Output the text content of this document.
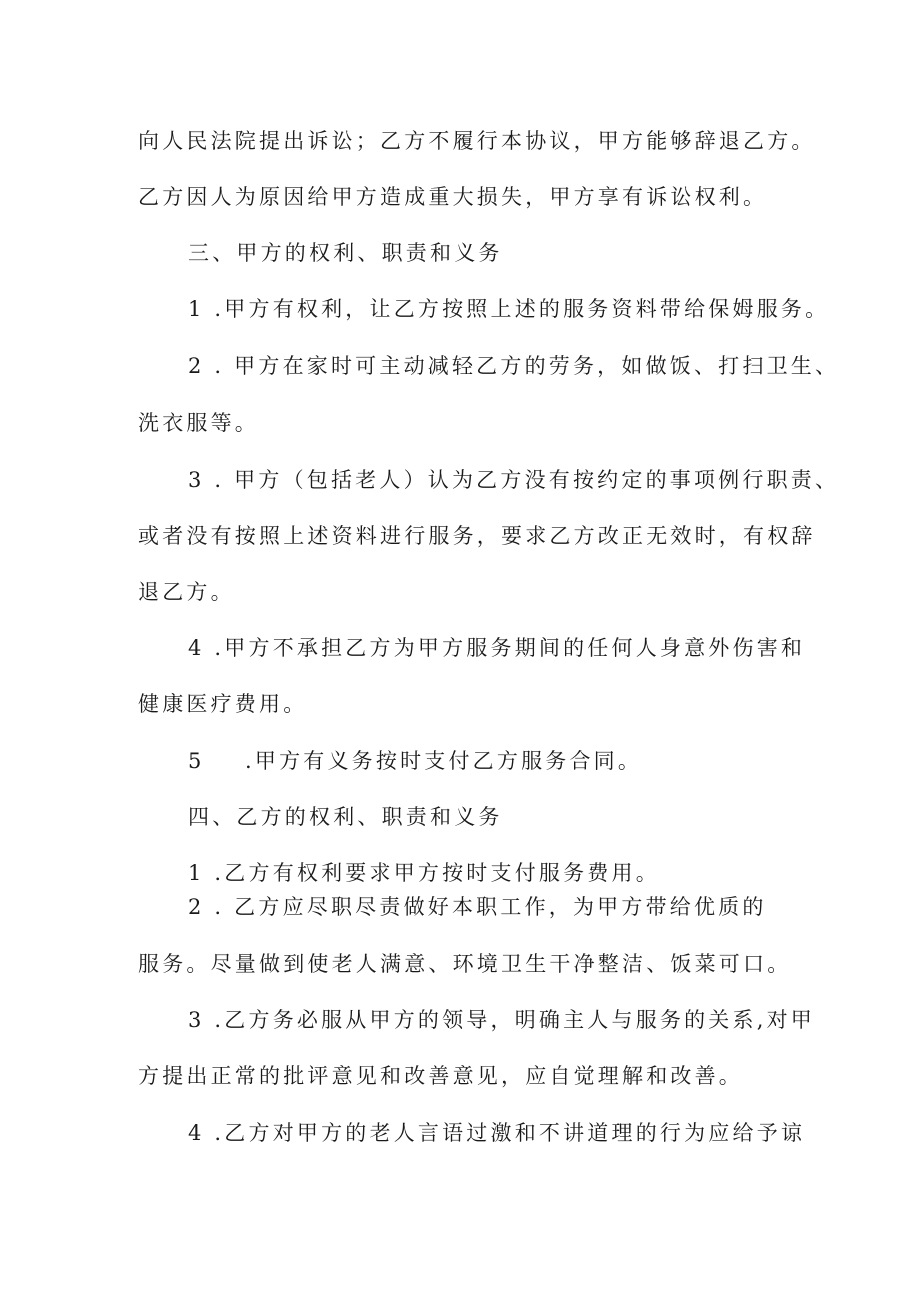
向人民法院提出诉讼；乙方不履行本协议，甲方能够辞退乙方。
乙方因人为原因给甲方造成重大损失，甲方享有诉讼权利。
三、甲方的权利、职责和义务
1 .甲方有权利，让乙方按照上述的服务资料带给保姆服务。
2 . 甲方在家时可主动减轻乙方的劳务，如做饭、打扫卫生、
洗衣服等。
3 . 甲方（包括老人）认为乙方没有按约定的事项例行职责、
或者没有按照上述资料进行服务，要求乙方改正无效时，有权辞
退乙方。
4 .甲方不承担乙方为甲方服务期间的任何人身意外伤害和
健康医疗费用。
5 .甲方有义务按时支付乙方服务合同。
四、乙方的权利、职责和义务
1 .乙方有权利要求甲方按时支付服务费用。
2 . 乙方应尽职尽责做好本职工作，为甲方带给优质的
服务。尽量做到使老人满意、环境卫生干净整洁、饭菜可口。
3 .乙方务必服从甲方的领导，明确主人与服务的关系,对甲
方提出正常的批评意见和改善意见，应自觉理解和改善。
4 .乙方对甲方的老人言语过激和不讲道理的行为应给予谅
